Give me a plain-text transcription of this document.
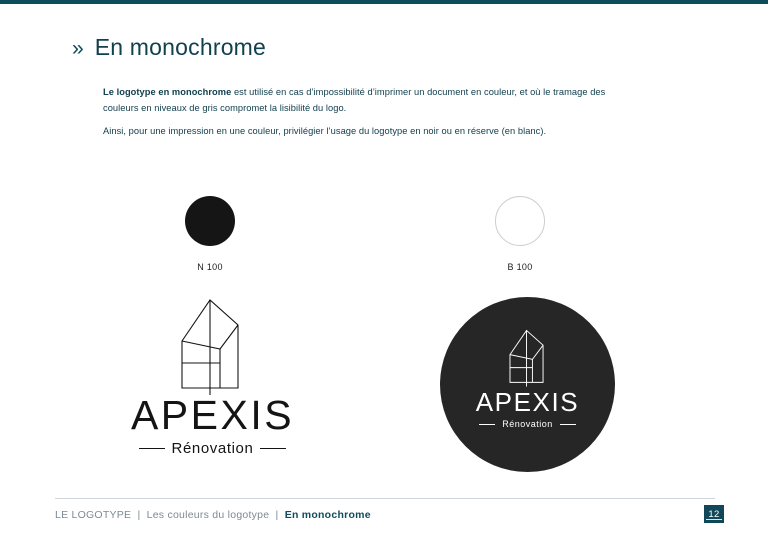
» En monochrome
Le logotype en monochrome est utilisé en cas d’impossibilité d’imprimer un document en couleur, et où le tramage des couleurs en niveaux de gris compromet la lisibilité du logo.
Ainsi, pour une impression en une couleur, privilégier l’usage du logotype en noir ou en réserve (en blanc).
N 100	B 100
APEXIS
Rénovation
APEXIS
Rénovation
LE LOGOTYPE | Les couleurs du logotype | En monochrome	12
